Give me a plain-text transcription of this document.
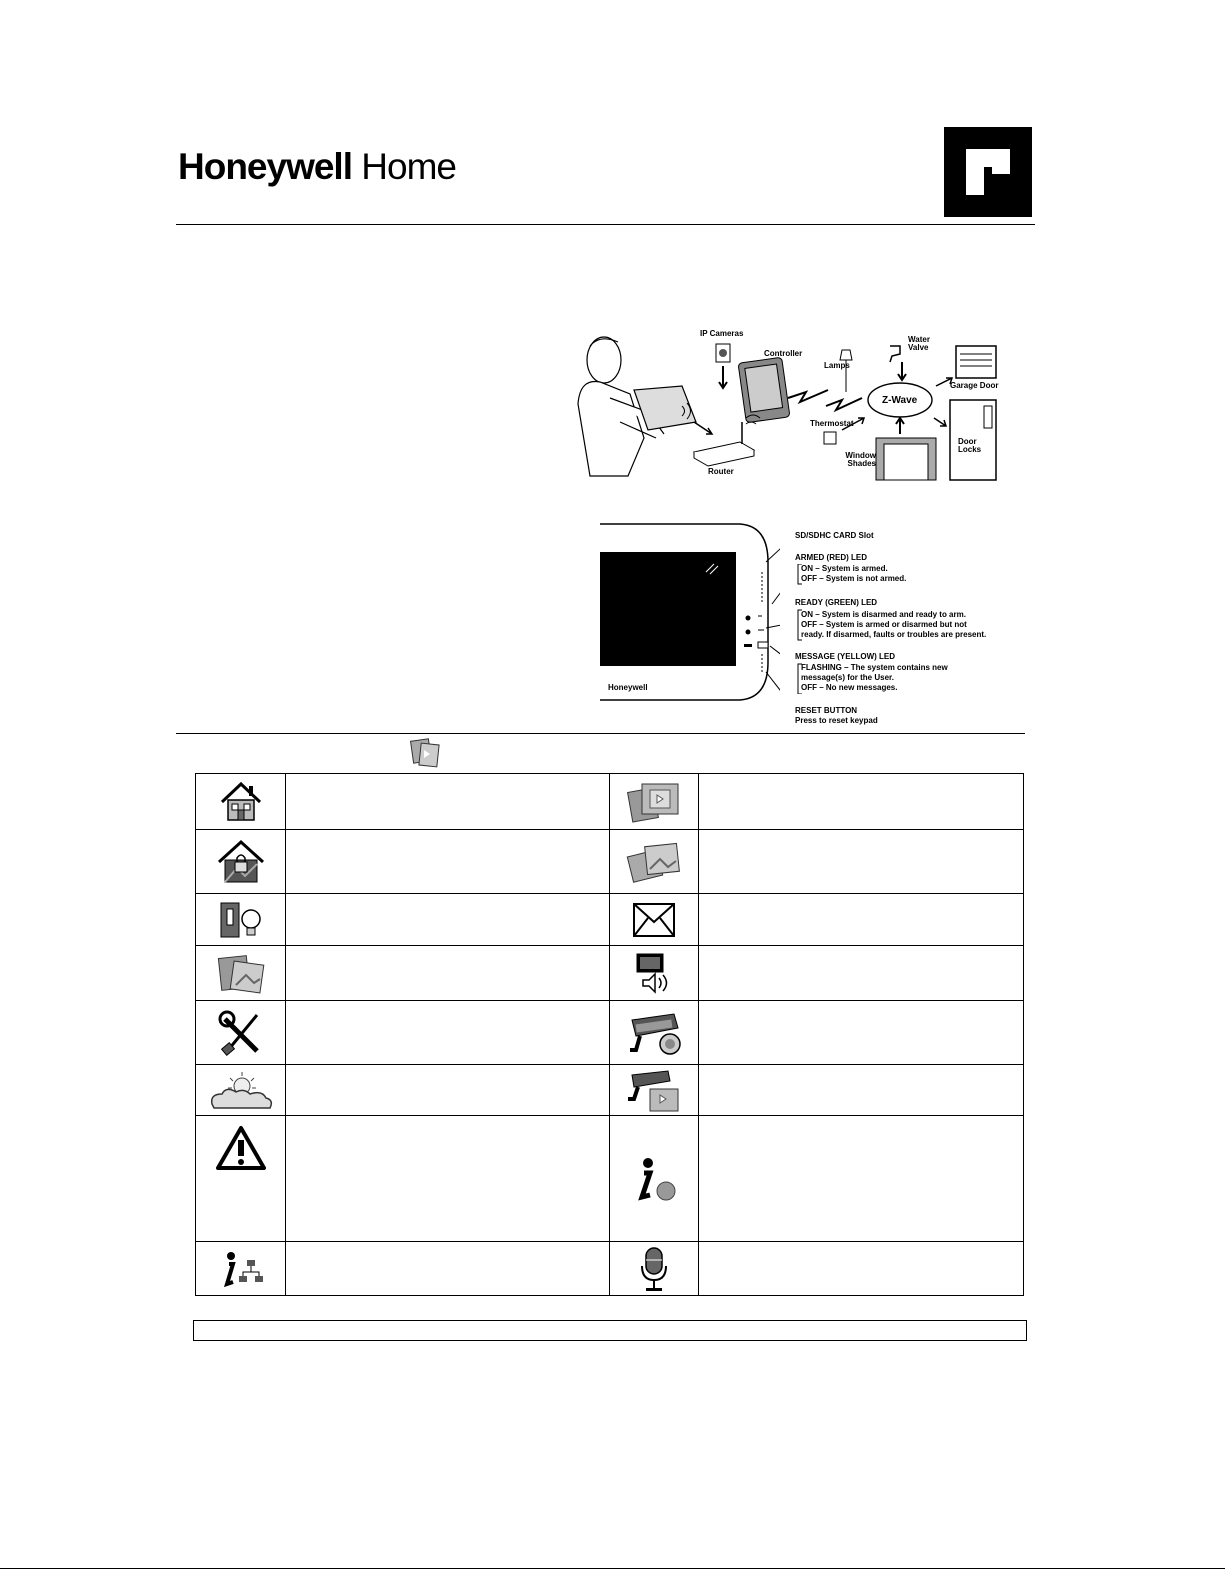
Honeywell Home
IP Cameras
Controller
Lamps
Water Valve
Garage Door
Z-Wave
Thermostat
Window Shades
Door Locks
Router
Honeywell
SD/SDHC CARD Slot
ARMED (RED) LED
ON – System is armed.
OFF – System is not armed.
READY (GREEN) LED
ON – System is disarmed and ready to arm.
OFF – System is armed or disarmed but not
ready. If disarmed, faults or troubles are present.
MESSAGE (YELLOW) LED
FLASHING – The system contains new
message(s) for the User.
OFF – No new messages.
RESET BUTTON
Press to reset keypad
